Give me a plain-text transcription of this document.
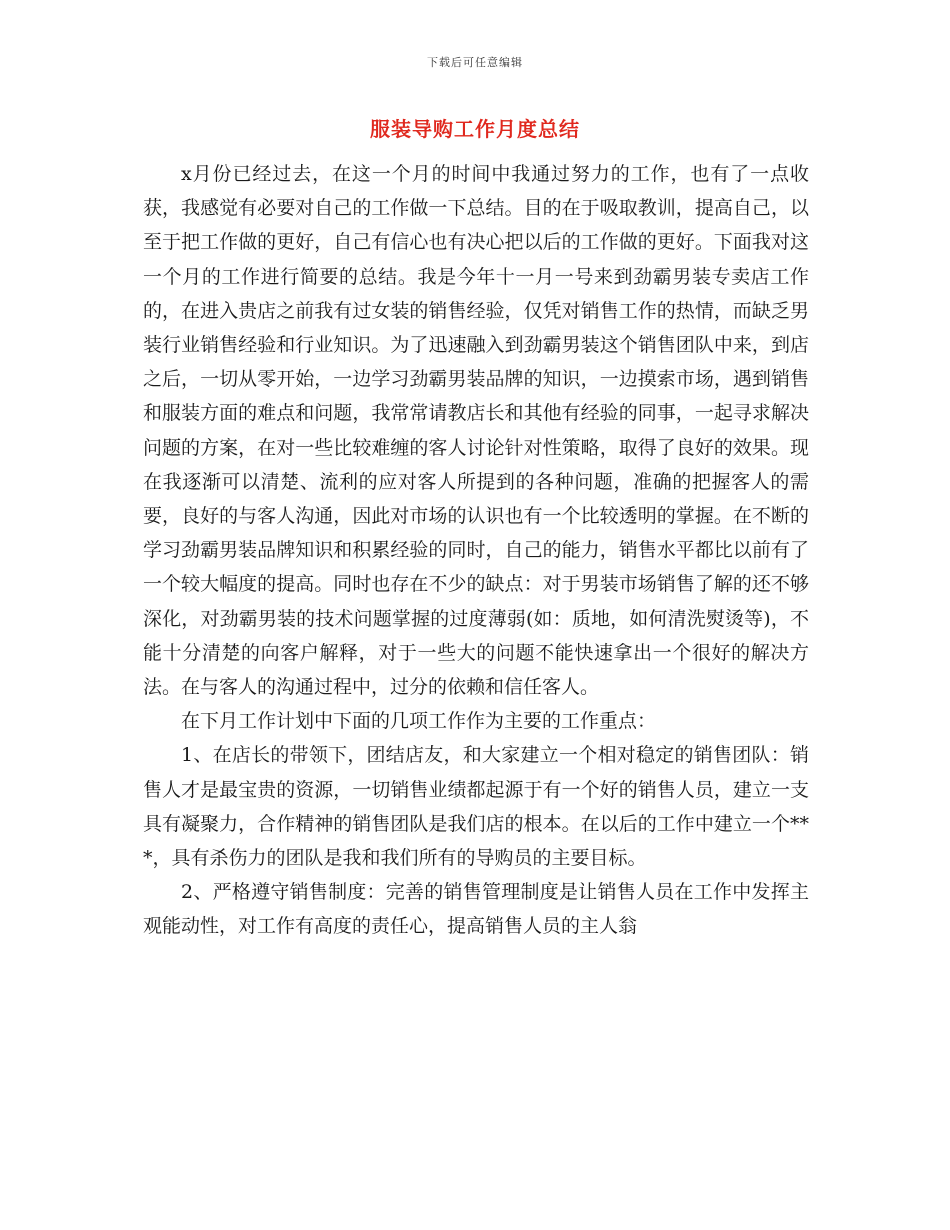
下载后可任意编辑
服装导购工作月度总结

x月份已经过去，在这一个月的时间中我通过努力的工作，也有了一点收获，我感觉有必要对自己的工作做一下总结。目的在于吸取教训，提高自己，以至于把工作做的更好，自己有信心也有决心把以后的工作做的更好。下面我对这一个月的工作进行简要的总结。我是今年十一月一号来到劲霸男装专卖店工作的，在进入贵店之前我有过女装的销售经验，仅凭对销售工作的热情，而缺乏男装行业销售经验和行业知识。为了迅速融入到劲霸男装这个销售团队中来，到店之后，一切从零开始，一边学习劲霸男装品牌的知识，一边摸索市场，遇到销售和服装方面的难点和问题，我常常请教店长和其他有经验的同事，一起寻求解决问题的方案，在对一些比较难缠的客人讨论针对性策略，取得了良好的效果。现在我逐渐可以清楚、流利的应对客人所提到的各种问题，准确的把握客人的需要，良好的与客人沟通，因此对市场的认识也有一个比较透明的掌握。在不断的学习劲霸男装品牌知识和积累经验的同时，自己的能力，销售水平都比以前有了一个较大幅度的提高。同时也存在不少的缺点：对于男装市场销售了解的还不够深化，对劲霸男装的技术问题掌握的过度薄弱(如：质地，如何清洗熨烫等)，不能十分清楚的向客户解释，对于一些大的问题不能快速拿出一个很好的解决方法。在与客人的沟通过程中，过分的依赖和信任客人。

在下月工作计划中下面的几项工作作为主要的工作重点：

1、在店长的带领下，团结店友，和大家建立一个相对稳定的销售团队：销售人才是最宝贵的资源，一切销售业绩都起源于有一个好的销售人员，建立一支具有凝聚力，合作精神的销售团队是我们店的根本。在以后的工作中建立一个***，具有杀伤力的团队是我和我们所有的导购员的主要目标。

2、严格遵守销售制度：完善的销售管理制度是让销售人员在工作中发挥主观能动性，对工作有高度的责任心，提高销售人员的主人翁
